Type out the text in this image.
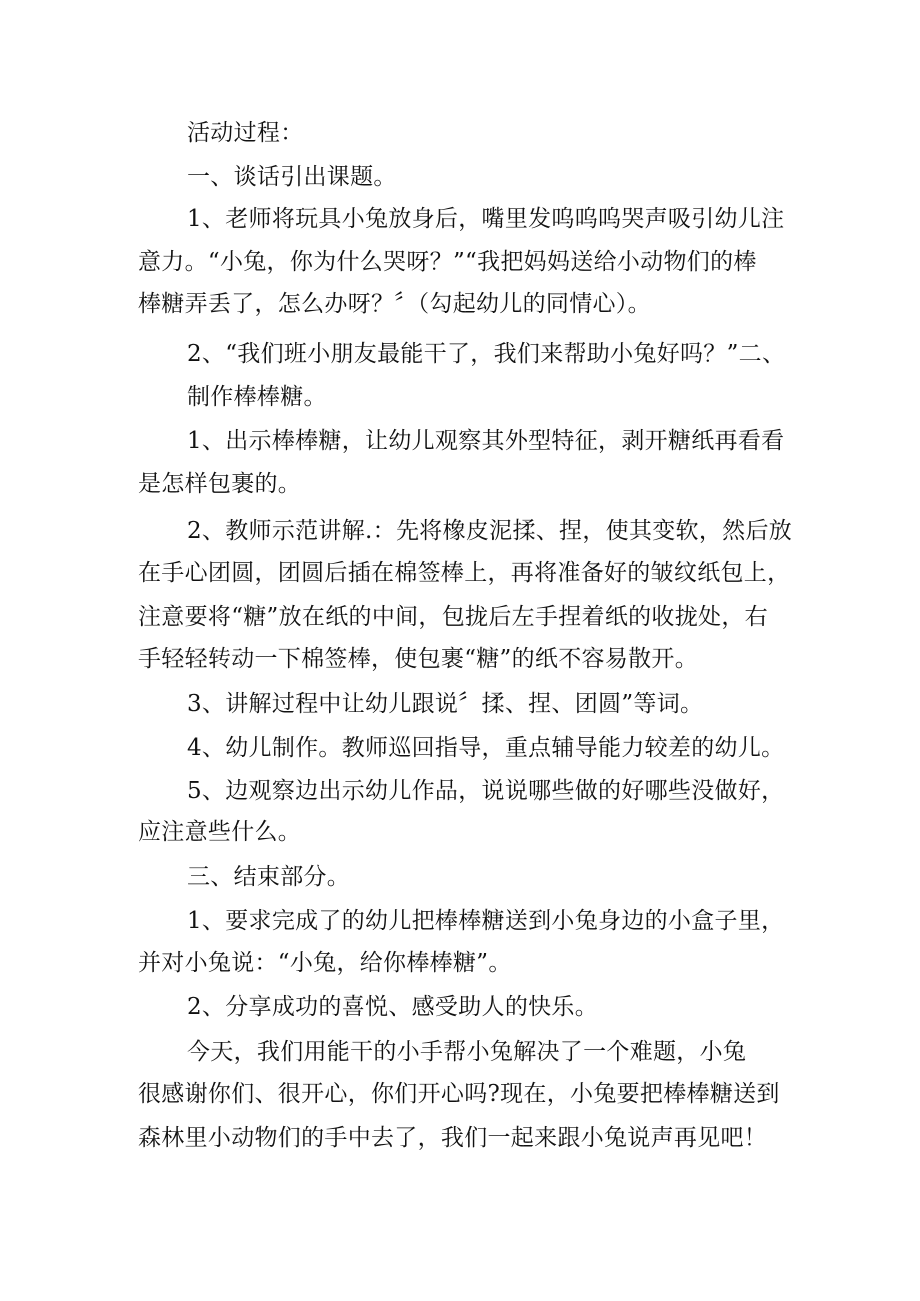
活动过程：
一、谈话引出课题。
1、老师将玩具小兔放身后，嘴里发呜呜呜哭声吸引幼儿注
意力。“小兔，你为什么哭呀？”“我把妈妈送给小动物们的棒
棒糖弄丢了，怎么办呀？〞（勾起幼儿的同情心）。
2、“我们班小朋友最能干了，我们来帮助小兔好吗？”二、
制作棒棒糖。
1、出示棒棒糖，让幼儿观察其外型特征，剥开糖纸再看看
是怎样包裹的。
2、教师示范讲解.：先将橡皮泥揉、捏，使其变软，然后放
在手心团圆，团圆后插在棉签棒上，再将准备好的皱纹纸包上，
注意要将“糖”放在纸的中间，包拢后左手捏着纸的收拢处，右
手轻轻转动一下棉签棒，使包裹“糖”的纸不容易散开。
3、讲解过程中让幼儿跟说〞揉、捏、团圆”等词。
4、幼儿制作。教师巡回指导，重点辅导能力较差的幼儿。
5、边观察边出示幼儿作品，说说哪些做的好哪些没做好，
应注意些什么。
三、结束部分。
1、要求完成了的幼儿把棒棒糖送到小兔身边的小盒子里，
并对小兔说：“小兔，给你棒棒糖”。
2、分享成功的喜悦、感受助人的快乐。
今天，我们用能干的小手帮小兔解决了一个难题，小兔
很感谢你们、很开心，你们开心吗?现在，小兔要把棒棒糖送到
森林里小动物们的手中去了，我们一起来跟小兔说声再见吧！
